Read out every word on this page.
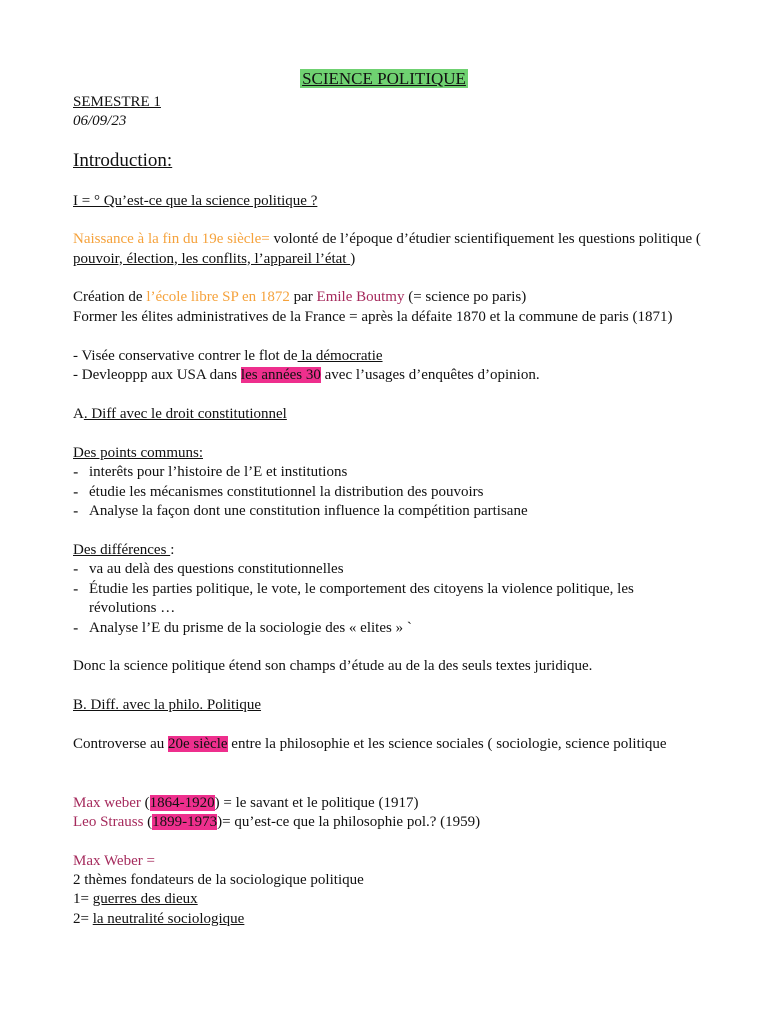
SCIENCE POLITIQUE
SEMESTRE 1
06/09/23
Introduction:
I = ° Qu’est-ce que la science politique ?
Naissance à la fin du 19e siècle= volonté de l’époque d’étudier scientifiquement les questions politique ( pouvoir, élection, les conflits, l’appareil l’état )
Création de l’école libre SP en 1872 par Emile Boutmy (= science po paris)
Former les élites administratives de la France = après la défaite 1870 et la commune de paris (1871)
- Visée conservative contrer le flot de la démocratie
- Devleoppp aux USA dans les années 30 avec l’usages d’enquêtes d’opinion.
A. Diff avec le droit constitutionnel
Des points communs:
- interêts pour l’histoire de l’E et institutions
- étudie les mécanismes constitutionnel la distribution des pouvoirs
- Analyse la façon dont une constitution influence la compétition partisane
Des différences :
- va au delà des questions constitutionnelles
- Étudie les parties politique, le vote, le comportement des citoyens la violence politique, les révolutions …
- Analyse l’E du prisme de la sociologie des « elites » `
Donc la science politique étend son champs d’étude au de la des seuls textes juridique.
B. Diff. avec la philo. Politique
Controverse au 20e siècle entre la philosophie et les science sociales ( sociologie, science politique
Max weber (1864-1920) = le savant et le politique (1917)
Leo Strauss (1899-1973)= qu’est-ce que la philosophie pol.? (1959)
Max Weber =
2 thèmes fondateurs de la sociologique politique
1= guerres des dieux
2= la neutralité sociologique
